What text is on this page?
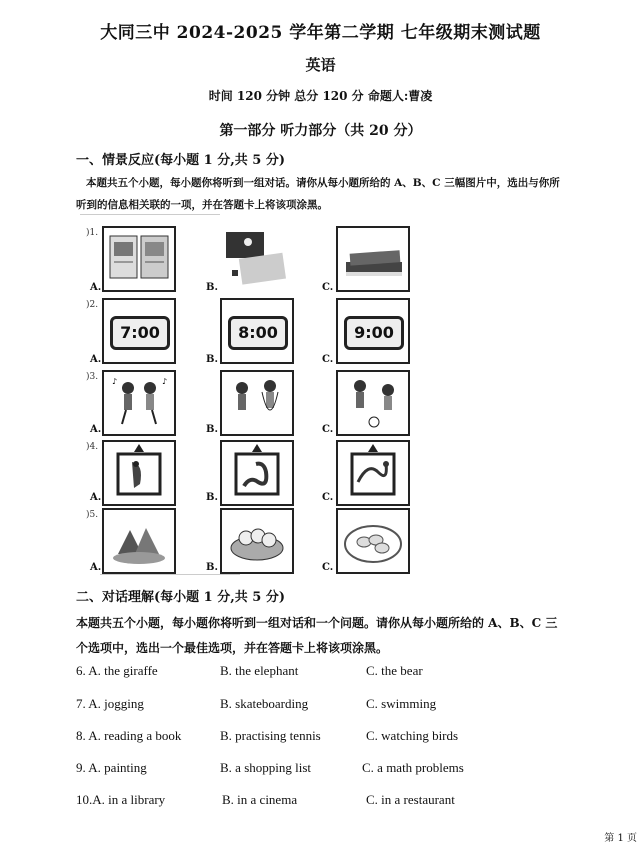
大同三中 2024-2025 学年第二学期 七年级期末测试题
英语
时间 120 分钟 总分 120 分 命题人:曹凌
第一部分 听力部分（共 20 分）
一、情景反应(每小题 1 分,共 5 分)
本题共五个小题，每小题你将听到一组对话。请你从每小题所给的 A、B、C 三幅图片中，选出与你所
听到的信息相关联的一项，并在答题卡上将该项涂黑。
)1.
A.	B.	C.
)2.
A.	B.	C.
7:00	8:00	9:00
)3.
A.	B.	C.
♪	♪
)4.
A.	B.	C.
)5.
A.	B.	C.
二、对话理解(每小题 1 分,共 5 分)
本题共五个小题，每小题你将听到一组对话和一个问题。请你从每小题所给的 A、B、C 三
个选项中，选出一个最佳选项，并在答题卡上将该项涂黑。
6. A. the giraffe	B. the elephant	C. the bear
7. A. jogging	B. skateboarding	C. swimming
8. A. reading a book	B. practising tennis	C. watching birds
9. A. painting	B. a shopping list	C. a math problems
10.A. in a library	B. in a cinema	C. in a restaurant
第 1 页
